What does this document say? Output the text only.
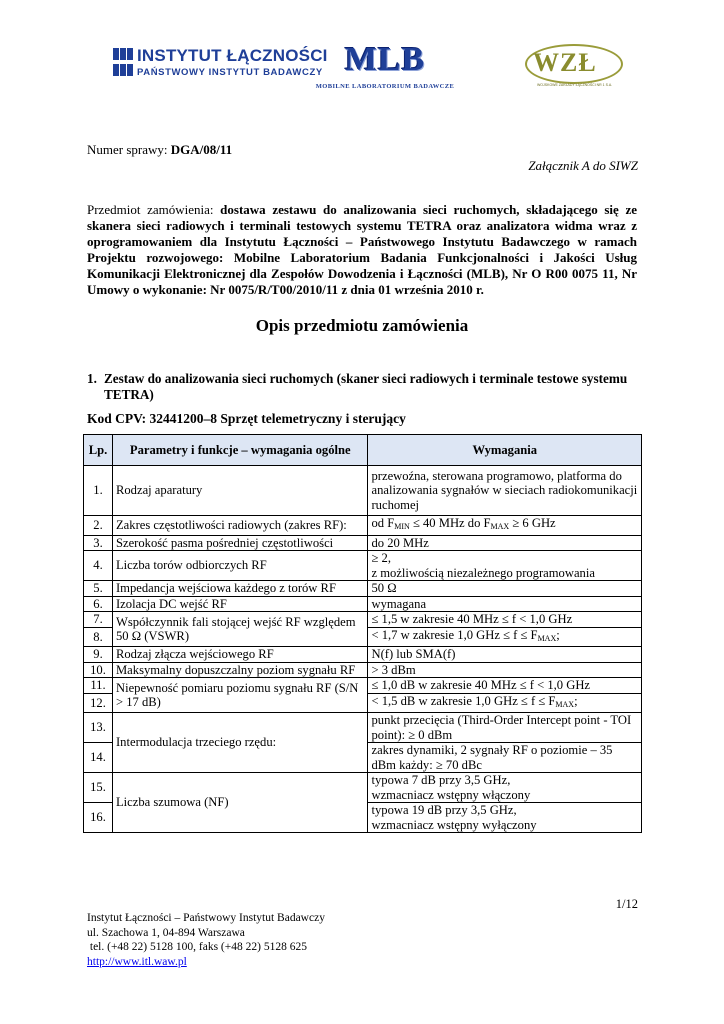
INSTYTUT ŁĄCZNOŚCI
PAŃSTWOWY INSTYTUT BADAWCZY MLB
MOBILNE LABORATORIUM BADAWCZE
WZŁ
WOJSKOWE ZAKŁADY ŁĄCZNOŚCI NR 1 S.A.
Numer sprawy: DGA/08/11
Załącznik A do SIWZ
Przedmiot zamówienia: dostawa zestawu do analizowania sieci ruchomych, składającego się ze skanera sieci radiowych i terminali testowych systemu TETRA oraz analizatora widma wraz z oprogramowaniem dla Instytutu Łączności – Państwowego Instytutu Badawczego w ramach Projektu rozwojowego: Mobilne Laboratorium Badania Funkcjonalności i Jakości Usług Komunikacji Elektronicznej dla Zespołów Dowodzenia i Łączności (MLB), Nr O R00 0075 11, Nr Umowy o wykonanie: Nr 0075/R/T00/2010/11 z dnia 01 września 2010 r.
Opis przedmiotu zamówienia
1. Zestaw do analizowania sieci ruchomych (skaner sieci radiowych i terminale testowe systemu TETRA)
Kod CPV: 32441200–8 Sprzęt telemetryczny i sterujący
Lp.	Parametry i funkcje – wymagania ogólne	Wymagania
1.	Rodzaj aparatury	przewoźna, sterowana programowo, platforma do analizowania sygnałów w sieciach radiokomunikacji ruchomej
2.	Zakres częstotliwości radiowych (zakres RF):	od $F_{MIN} \le 40$ MHz do $F_{MAX} \ge 6$ GHz
3.	Szerokość pasma pośredniej częstotliwości	do 20 MHz
4.	Liczba torów odbiorczych RF	≥ 2,
z możliwością niezależnego programowania

5.	Impedancja wejściowa każdego z torów RF	50 Ω
6.	Izolacja DC wejść RF	wymagana
7.	Współczynnik fali stojącej wejść RF względem 50 Ω (VSWR)	≤ 1,5 w zakresie 40 MHz ≤ f < 1,0 GHz
8.		< 1,7 w zakresie 1,0 GHz ≤ $f \le F_{MAX}$;
9.	Rodzaj złącza wejściowego RF	N(f) lub SMA(f)
10.	Maksymalny dopuszczalny poziom sygnału RF	> 3 dBm
11.	Niepewność pomiaru poziomu sygnału RF (S/N > 17 dB)	≤ 1,0 dB w zakresie 40 MHz ≤ f < 1,0 GHz
12.		< 1,5 dB w zakresie 1,0 GHz ≤ $f \le F_{MAX}$;
13.	Intermodulacja trzeciego rzędu:	punkt przecięcia (Third-Order Intercept point - TOI point): ≥ 0 dBm
14.		zakres dynamiki, 2 sygnały RF o poziomie – 35 dBm każdy: ≥ 70 dBc
15.	Liczba szumowa (NF)	typowa 7 dB przy 3,5 GHz,
wzmacniacz wstępny włączony

16.		typowa 19 dB przy 3,5 GHz,
wzmacniacz wstępny wyłączony
1/12
Instytut Łączności – Państwowy Instytut Badawczy
ul. Szachowa 1, 04-894 Warszawa
tel. (+48 22) 5128 100, faks (+48 22) 5128 625
http://www.itl.waw.pl
